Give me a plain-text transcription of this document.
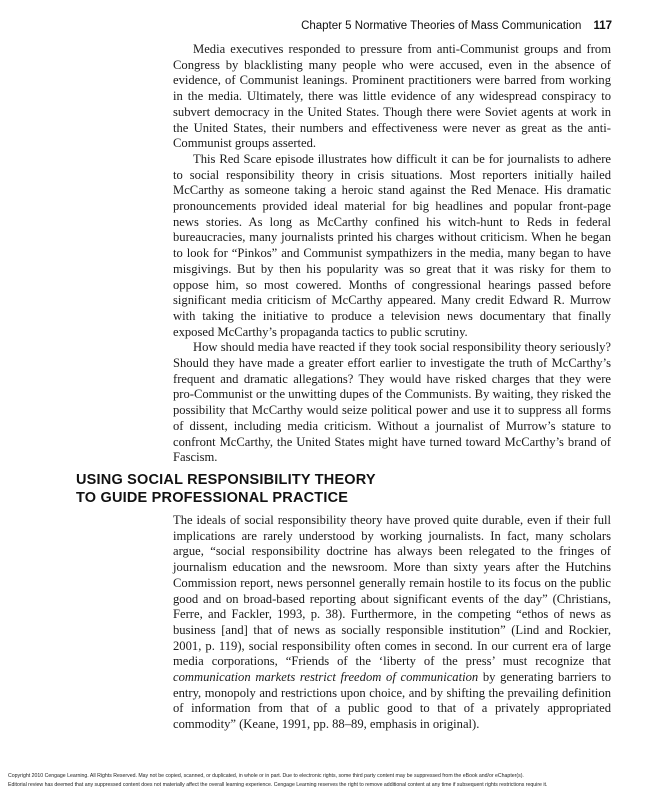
Chapter 5 Normative Theories of Mass Communication 117

Media executives responded to pressure from anti-Communist groups and from Congress by blacklisting many people who were accused, even in the absence of evidence, of Communist leanings. Prominent practitioners were barred from working in the media. Ultimately, there was little evidence of any widespread conspiracy to subvert democracy in the United States. Though there were Soviet agents at work in the United States, their numbers and effectiveness were never as great as the anti-Communist groups asserted.

This Red Scare episode illustrates how difficult it can be for journalists to adhere to social responsibility theory in crisis situations. Most reporters initially hailed McCarthy as someone taking a heroic stand against the Red Menace. His dramatic pronouncements provided ideal material for big headlines and popular front-page news stories. As long as McCarthy confined his witch-hunt to Reds in federal bureaucracies, many journalists printed his charges without criticism. When he began to look for “Pinkos” and Communist sympathizers in the media, many began to have misgivings. But by then his popularity was so great that it was risky for them to oppose him, so most cowered. Months of congressional hearings passed before significant media criticism of McCarthy appeared. Many credit Edward R. Murrow with taking the initiative to produce a television news documentary that finally exposed McCarthy’s propaganda tactics to public scrutiny.

How should media have reacted if they took social responsibility theory seriously? Should they have made a greater effort earlier to investigate the truth of McCarthy’s frequent and dramatic allegations? They would have risked charges that they were pro-Communist or the unwitting dupes of the Communists. By waiting, they risked the possibility that McCarthy would seize political power and use it to suppress all forms of dissent, including media criticism. Without a journalist of Murrow’s stature to confront McCarthy, the United States might have turned toward McCarthy’s brand of Fascism.

USING SOCIAL RESPONSIBILITY THEORY
TO GUIDE PROFESSIONAL PRACTICE

The ideals of social responsibility theory have proved quite durable, even if their full implications are rarely understood by working journalists. In fact, many scholars argue, “social responsibility doctrine has always been relegated to the fringes of journalism education and the newsroom. More than sixty years after the Hutchins Commission report, news personnel generally remain hostile to its focus on the public good and on broad-based reporting about significant events of the day” (Christians, Ferre, and Fackler, 1993, p. 38). Furthermore, in the competing “ethos of news as business [and] that of news as socially responsible institution” (Lind and Rockier, 2001, p. 119), social responsibility often comes in second. In our current era of large media corporations, “Friends of the ‘liberty of the press’ must recognize that communication markets restrict freedom of communication by generating barriers to entry, monopoly and restrictions upon choice, and by shifting the prevailing definition of information from that of a public good to that of a privately appropriated commodity” (Keane, 1991, pp. 88–89, emphasis in original).

Copyright 2010 Cengage Learning. All Rights Reserved. May not be copied, scanned, or duplicated, in whole or in part. Due to electronic rights, some third party content may be suppressed from the eBook and/or eChapter(s).
Editorial review has deemed that any suppressed content does not materially affect the overall learning experience. Cengage Learning reserves the right to remove additional content at any time if subsequent rights restrictions require it.
